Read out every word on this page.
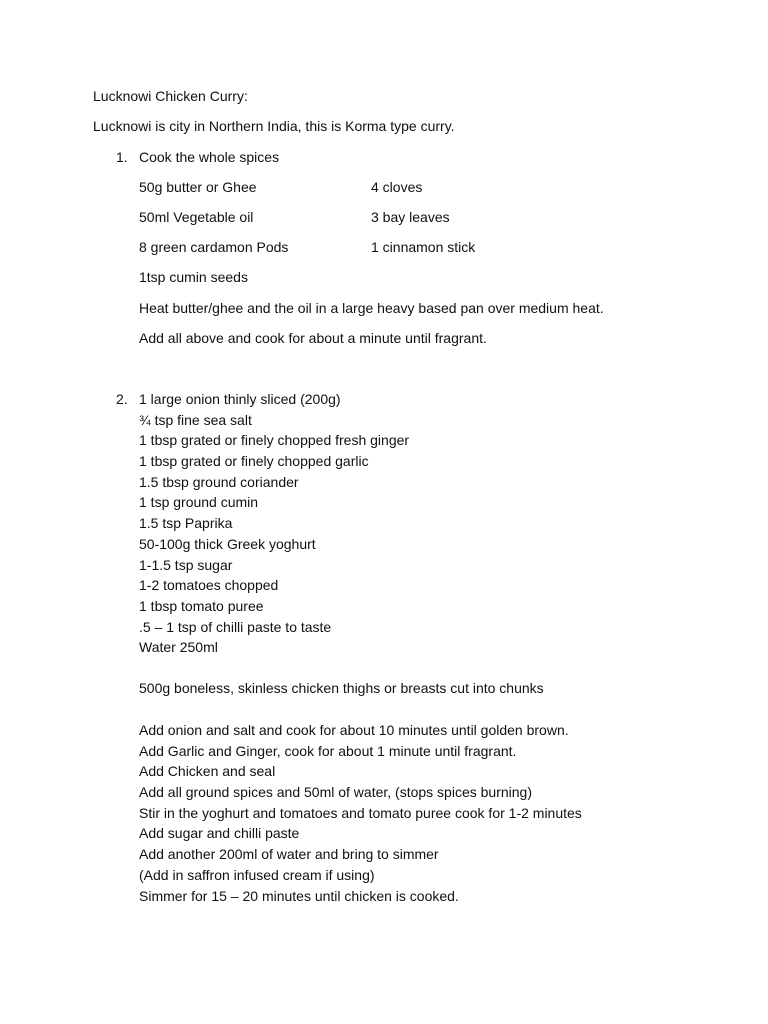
Lucknowi Chicken Curry:
Lucknowi is city in Northern India, this is Korma type curry.
1. Cook the whole spices
50g butter or Ghee	4 cloves
50ml Vegetable oil	3 bay leaves
8 green cardamon Pods	1 cinnamon stick
1tsp cumin seeds
Heat butter/ghee and the oil in a large heavy based pan over medium heat.
Add all above and cook for about a minute until fragrant.
2. 1 large onion thinly sliced (200g)
¾ tsp fine sea salt
1 tbsp grated or finely chopped fresh ginger
1 tbsp grated or finely chopped garlic
1.5 tbsp ground coriander
1 tsp ground cumin
1.5 tsp Paprika
50-100g thick Greek yoghurt
1-1.5 tsp sugar
1-2 tomatoes chopped
1 tbsp tomato puree
.5 – 1 tsp of chilli paste to taste
Water 250ml
500g boneless, skinless chicken thighs or breasts cut into chunks
Add onion and salt and cook for about 10 minutes until golden brown.
Add Garlic and Ginger, cook for about 1 minute until fragrant.
Add Chicken and seal
Add all ground spices and 50ml of water, (stops spices burning)
Stir in the yoghurt and tomatoes and tomato puree cook for 1-2 minutes
Add sugar and chilli paste
Add another 200ml of water and bring to simmer
(Add in saffron infused cream if using)
Simmer for 15 – 20 minutes until chicken is cooked.
